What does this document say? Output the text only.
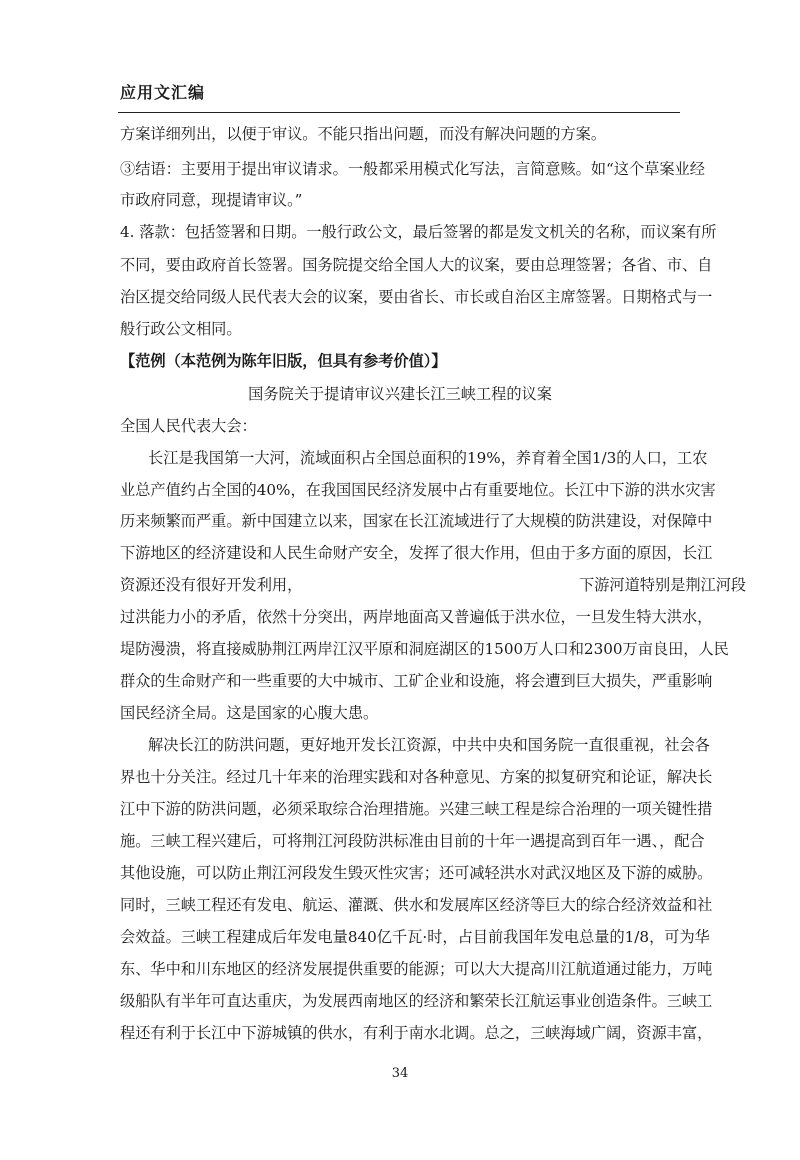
应用文汇编
方案详细列出，以便于审议。不能只指出问题，而没有解决问题的方案。
③结语：主要用于提出审议请求。一般都采用模式化写法，言简意赅。如“这个草案业经
市政府同意，现提请审议。”
4. 落款：包括签署和日期。一般行政公文，最后签署的都是发文机关的名称，而议案有所
不同，要由政府首长签署。国务院提交给全国人大的议案，要由总理签署；各省、市、自
治区提交给同级人民代表大会的议案，要由省长、市长或自治区主席签署。日期格式与一
般行政公文相同。
【范例（本范例为陈年旧版，但具有参考价值）】
国务院关于提请审议兴建长江三峡工程的议案
全国人民代表大会：
长江是我国第一大河，流域面积占全国总面积的19%，养育着全国1/3的人口，工农
业总产值约占全国的40%，在我国国民经济发展中占有重要地位。长江中下游的洪水灾害
历来频繁而严重。新中国建立以来，国家在长江流域进行了大规模的防洪建设，对保障中
下游地区的经济建设和人民生命财产安全，发挥了很大作用，但由于多方面的原因，长江
资源还没有很好开发利用，	下游河道特别是荆江河段
过洪能力小的矛盾，依然十分突出，两岸地面高又普遍低于洪水位，一旦发生特大洪水，
堤防漫溃，将直接威胁荆江两岸江汉平原和洞庭湖区的1500万人口和2300万亩良田，人民
群众的生命财产和一些重要的大中城市、工矿企业和设施，将会遭到巨大损失，严重影响
国民经济全局。这是国家的心腹大患。
解决长江的防洪问题，更好地开发长江资源，中共中央和国务院一直很重视，社会各
界也十分关注。经过几十年来的治理实践和对各种意见、方案的拟复研究和论证，解决长
江中下游的防洪问题，必须采取综合治理措施。兴建三峡工程是综合治理的一项关键性措
施。三峡工程兴建后，可将荆江河段防洪标准由目前的十年一遇提高到百年一遇、，配合
其他设施，可以防止荆江河段发生毁灭性灾害；还可减轻洪水对武汉地区及下游的威胁。
同时，三峡工程还有发电、航运、灌溉、供水和发展库区经济等巨大的综合经济效益和社
会效益。三峡工程建成后年发电量840亿千瓦·时，占目前我国年发电总量的1/8，可为华
东、华中和川东地区的经济发展提供重要的能源；可以大大提高川江航道通过能力，万吨
级船队有半年可直达重庆，为发展西南地区的经济和繁荣长江航运事业创造条件。三峡工
程还有利于长江中下游城镇的供水，有利于南水北调。总之，三峡海域广阔，资源丰富，
34
